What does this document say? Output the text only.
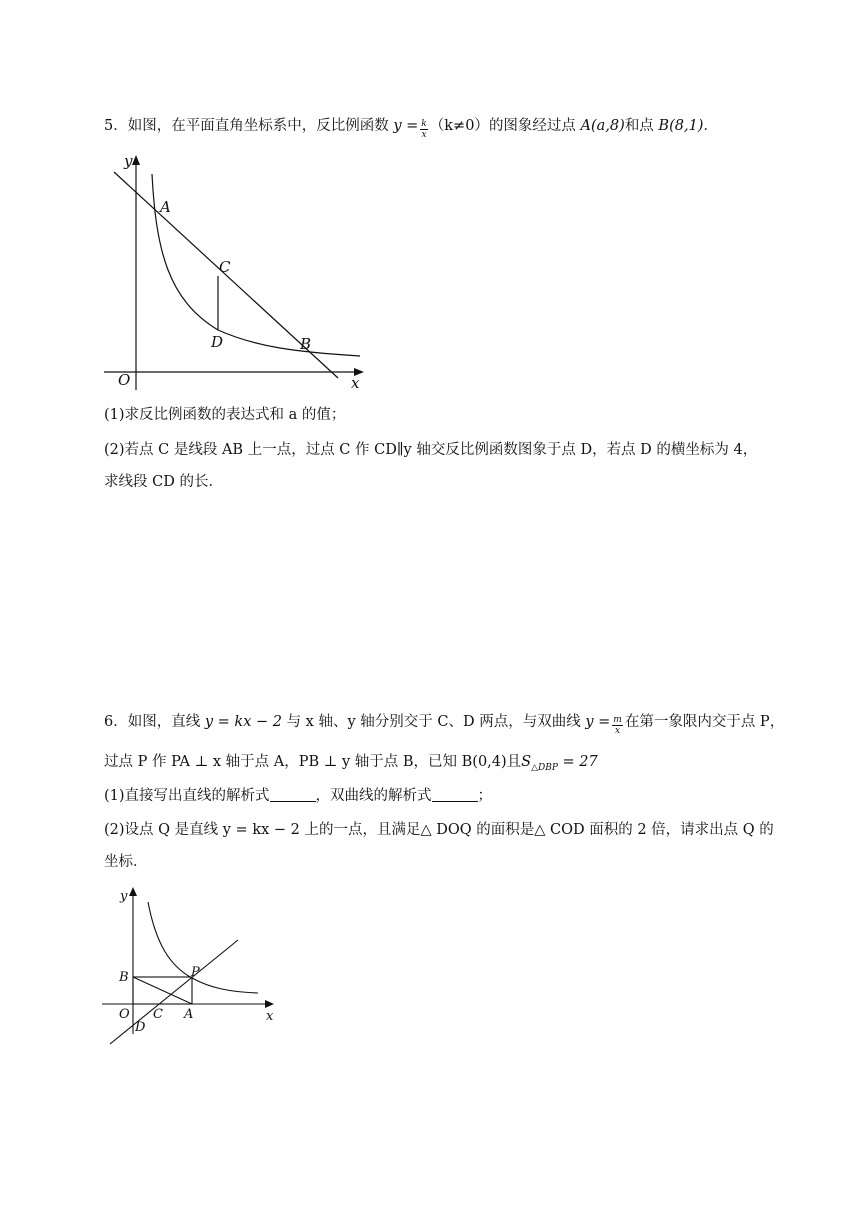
5．如图，在平面直角坐标系中，反比例函数 $y = \frac{k}{x} (k\ne 0)$的图象经过点 A(a,8)和点 B(8,1)．
y
x
O
A
C
D	B
(1)求反比例函数的表达式和 a 的值；
(2)若点 C 是线段 AB 上一点，过点 C 作 CD∥y 轴交反比例函数图象于点 D，若点 D 的横坐标为 4，
求线段 CD 的长．
6．如图，直线 y = kx − 2 与 x 轴、y 轴分别交于 C、D 两点，与双曲线 $y = \frac{m}{x}$ 在第一象限内交于点 P，
过点 P 作 PA ⊥ x 轴于点 A，PB ⊥ y 轴于点 B，已知 B(0,4)且$S_{\triangle DBP} = 27$
(1)直接写出直线的解析式	，双曲线的解析式	；
(2)设点 Q 是直线 y = kx − 2 上的一点，且满足△ DOQ 的面积是△ COD 面积的 2 倍，请求出点 Q 的
坐标．
y
x
O
B	P
A
C
D
